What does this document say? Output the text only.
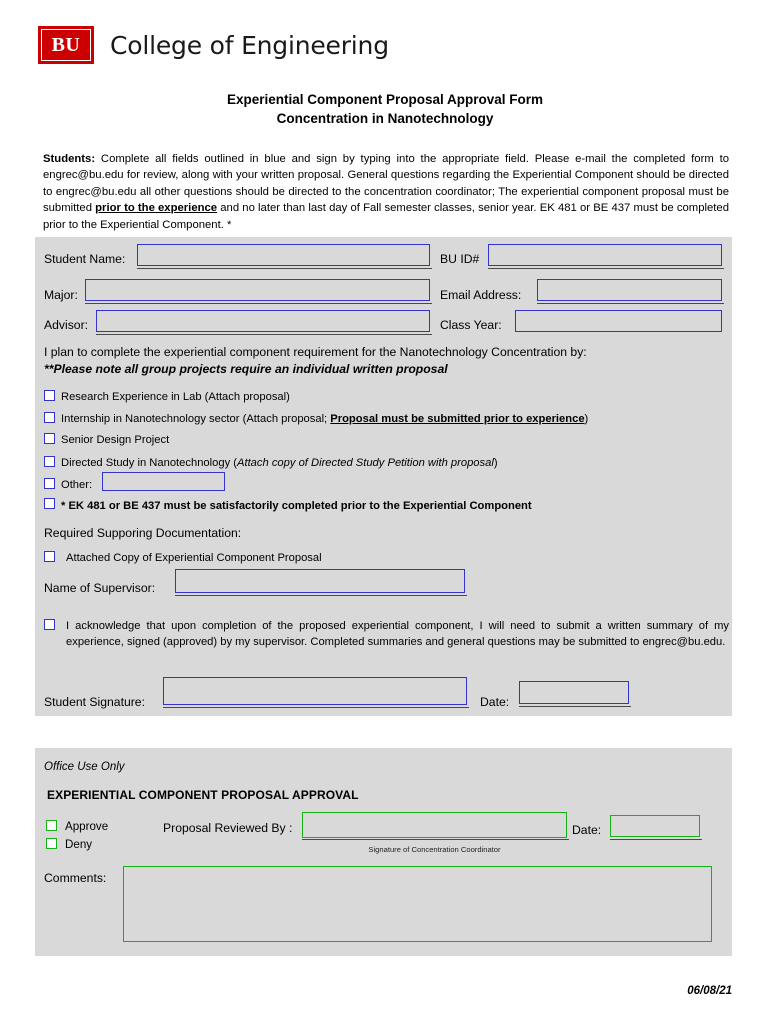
BU College of Engineering
Experiential Component Proposal Approval Form
Concentration in Nanotechnology
Students: Complete all fields outlined in blue and sign by typing into the appropriate field. Please e-mail the completed form to engrec@bu.edu for review, along with your written proposal. General questions regarding the Experiential Component should be directed to engrec@bu.edu all other questions should be directed to the concentration coordinator; The experiential component proposal must be submitted prior to the experience and no later than last day of Fall semester classes, senior year. EK 481 or BE 437 must be completed prior to the Experiential Component. *
Student Name:	BU ID#
Major:	Email Address:
Advisor:	Class Year:
I plan to complete the experiential component requirement for the Nanotechnology Concentration by:
**Please note all group projects require an individual written proposal
Research Experience in Lab (Attach proposal)
Internship in Nanotechnology sector (Attach proposal; Proposal must be submitted prior to experience)
Senior Design Project
Directed Study in Nanotechnology (Attach copy of Directed Study Petition with proposal)
Other:
* EK 481 or BE 437 must be satisfactorily completed prior to the Experiential Component
Required Supporing Documentation:
Attached Copy of Experiential Component Proposal
Name of Supervisor:
I acknowledge that upon completion of the proposed experiential component, I will need to submit a written summary of my experience, signed (approved) by my supervisor. Completed summaries and general questions may be submitted to engrec@bu.edu.
Student Signature:	Date:
Office Use Only
EXPERIENTIAL COMPONENT PROPOSAL APPROVAL
Approve
Deny
Proposal Reviewed By :
Signature of Concentration Coordinator
Date:
Comments:
06/08/21
